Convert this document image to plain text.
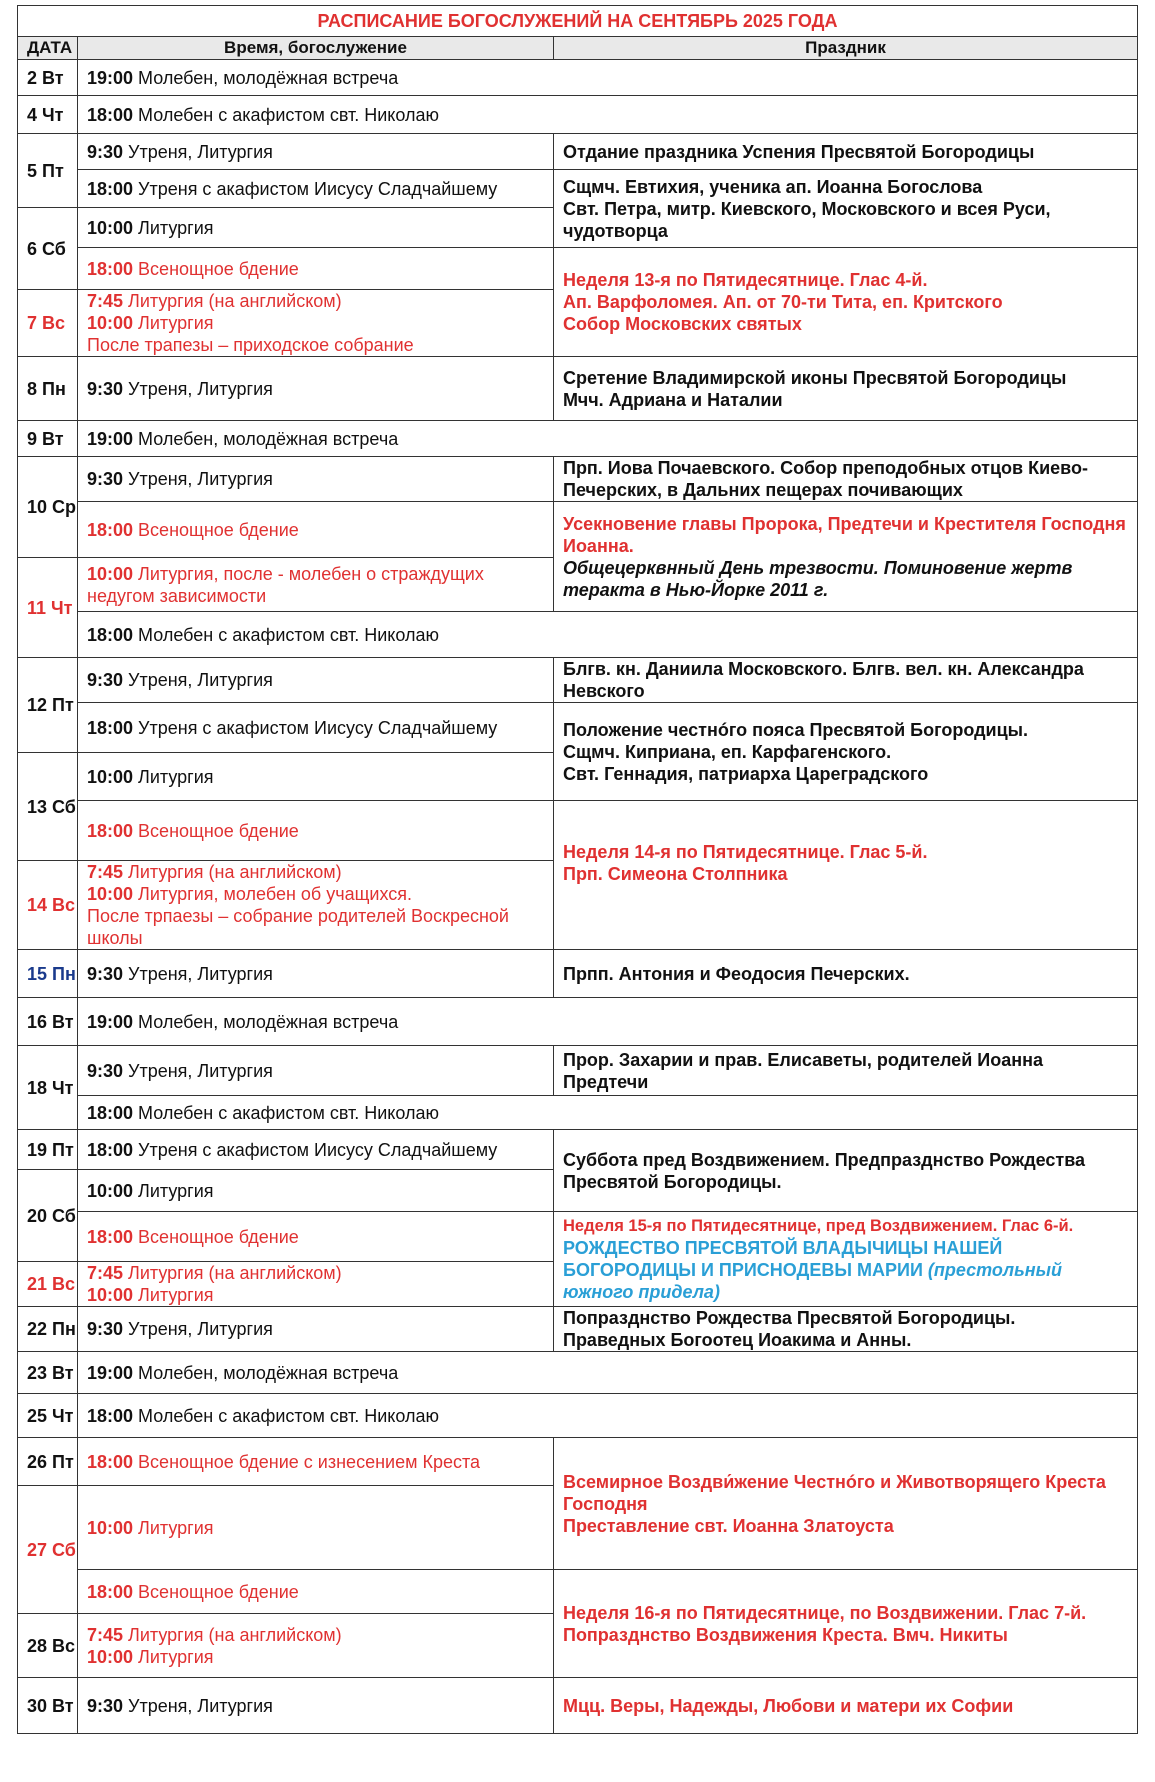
РАСПИСАНИЕ БОГОСЛУЖЕНИЙ НА СЕНТЯБРЬ 2025 ГОДА		
ДАТА	Время, богослужение	Праздник
2 Вт	19:00 Молебен, молодёжная встреча	
4 Чт	18:00 Молебен с акафистом свт. Николаю	
5 Пт	9:30 Утреня, Литургия	Отдание праздника Успения Пресвятой Богородицы
	18:00 Утреня с акафистом Иисусу Сладчайшему	Сщмч. Евтихия, ученика ап. Иоанна Богослова
Свт. Петра, митр. Киевского, Московского и всея Руси, чудотворца

6 Сб	10:00 Литургия	
	18:00 Всенощное бдение	Неделя 13-я по Пятидесятнице. Глас 4-й.
Ап. Варфоломея. Ап. от 70-ти Тита, еп. Критского
Собор Московских святых

7 Вс	7:45 Литургия (на английском)
10:00 Литургия
После трапезы – приходское собрание	

8 Пн	9:30 Утреня, Литургия	Сретение Владимирской иконы Пресвятой Богородицы
Мчч. Адриана и Наталии

9 Вт	19:00 Молебен, молодёжная встреча	
10 Ср	9:30 Утреня, Литургия	Прп. Иова Почаевского. Собор преподобных отцов Киево-Печерских, в Дальних пещерах почивающих
	18:00 Всенощное бдение	Усекновение главы Пророка, Предтечи и Крестителя Господня Иоанна.
Общецерквнный День трезвости. Поминовение жертв теракта в Нью-Йорке 2011 г.

11 Чт	10:00 Литургия, после - молебен о страждущих недугом зависимости	
	18:00 Молебен с акафистом свт. Николаю	
12 Пт	9:30 Утреня, Литургия	Блгв. кн. Даниила Московского. Блгв. вел. кн. Александра Невского
	18:00 Утреня с акафистом Иисусу Сладчайшему	Положение честнóго пояса Пресвятой Богородицы.
Сщмч. Киприана, еп. Карфагенского.
Свт. Геннадия, патриарха Цареградского

13 Сб	10:00 Литургия	
	18:00 Всенощное бдение	Неделя 14-я по Пятидесятнице. Глас 5-й.
Прп. Симеона Столпника

14 Вс	7:45 Литургия (на английском)
10:00 Литургия, молебен об учащихся.
После трпаезы – собрание родителей Воскресной школы	

15 Пн	9:30 Утреня, Литургия	Прпп. Антония и Феодосия Печерских.
16 Вт	19:00 Молебен, молодёжная встреча	
18 Чт	9:30 Утреня, Литургия	Прор. Захарии и прав. Елисаветы, родителей Иоанна Предтечи
	18:00 Молебен с акафистом свт. Николаю	
19 Пт	18:00 Утреня с акафистом Иисусу Сладчайшему	Суббота пред Воздвижением. Предпразднство Рождества Пресвятой Богородицы.
20 Сб	10:00 Литургия	
	18:00 Всенощное бдение	Неделя 15-я по Пятидесятнице, пред Воздвижением. Глас 6-й.
РОЖДЕСТВО ПРЕСВЯТОЙ ВЛАДЫЧИЦЫ НАШЕЙ БОГОРОДИЦЫ И ПРИСНОДЕВЫ МАРИИ (престольный южного придела)
21 Вс	7:45 Литургия (на английском)
10:00 Литургия	

22 Пн	9:30 Утреня, Литургия	Попразднство Рождества Пресвятой Богородицы.
Праведных Богоотец Иоакима и Анны.

23 Вт	19:00 Молебен, молодёжная встреча	
25 Чт	18:00 Молебен с акафистом свт. Николаю	
26 Пт	18:00 Всенощное бдение с изнесением Креста	Всемирное Воздви́жение Честнóго и Животворящего Креста Господня
Преставление свт. Иоанна Златоуста

27 Сб	10:00 Литургия	
	18:00 Всенощное бдение	Неделя 16-я по Пятидесятнице, по Воздвижении. Глас 7-й.
Попразднство Воздвижения Креста. Вмч. Никиты

28 Вс	7:45 Литургия (на английском)
10:00 Литургия	

30 Вт	9:30 Утреня, Литургия	Мцц. Веры, Надежды, Любови и матери их Софии
